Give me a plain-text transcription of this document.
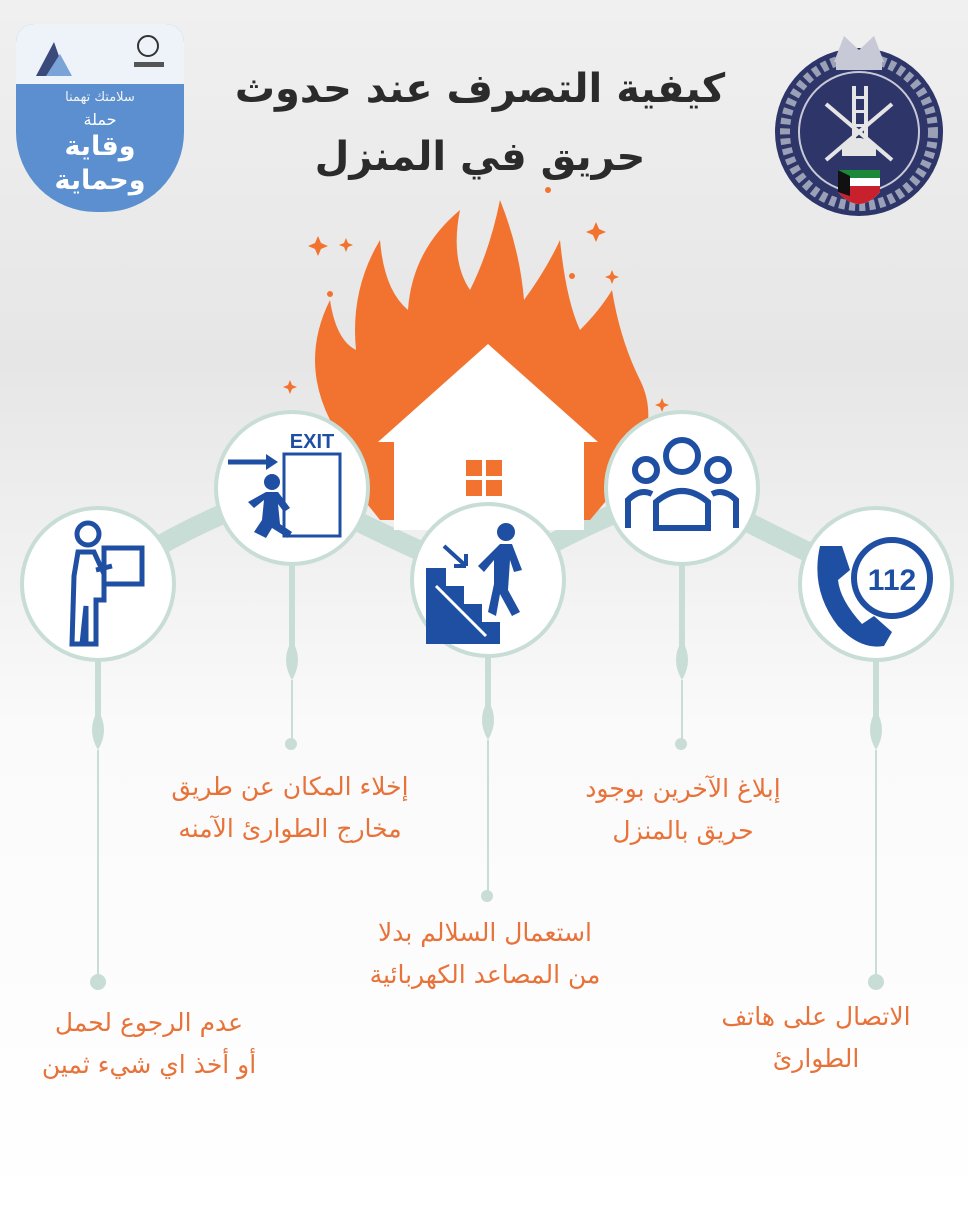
سلامتك تهمنا
حملة
وقاية
وحماية
كيفية التصرف عند حدوث
حريق في المنزل
112
EXIT
الاتصال على هاتف
الطوارئ
إبلاغ الآخرين بوجود
حريق بالمنزل
استعمال السلالم بدلا
من المصاعد الكهربائية
إخلاء المكان عن طريق
مخارج الطوارئ الآمنه
عدم الرجوع لحمل
أو أخذ اي شيء ثمين
